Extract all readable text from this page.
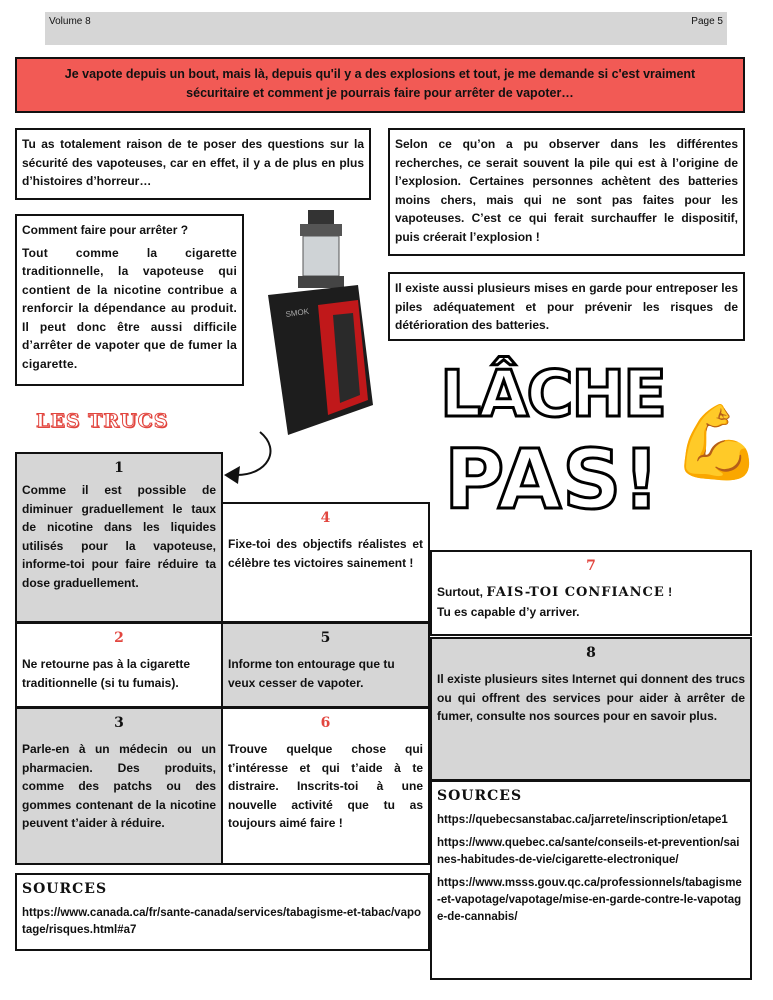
Volume 8	Page 5
Je vapote depuis un bout, mais là, depuis qu'il y a des explosions et tout, je me demande si c'est vraiment sécuritaire et comment je pourrais faire pour arrêter de vapoter…
Tu as totalement raison de te poser des questions sur la sécurité des vapoteuses, car en effet, il y a de plus en plus d’histoires d’horreur…
Selon ce qu’on a pu observer dans les différentes recherches, ce serait souvent la pile qui est à l’origine de l’explosion. Certaines personnes achètent des batteries moins chers, mais qui ne sont pas faites pour les vapoteuses. C’est ce qui ferait surchauffer le dispositif, puis créerait l’explosion !
Il existe aussi plusieurs mises en garde pour entreposer les piles adéquatement et pour prévenir les risques de détérioration des batteries.
Comment faire pour arrêter ?
Tout comme la cigarette traditionnelle, la vapoteuse qui contient de la nicotine contribue a renforcir la dépendance au produit. Il peut donc être aussi difficile d’arrêter de vapoter que de fumer la cigarette.
SMOK
LÂCHE
PAS! 💪
LES TRUCS
1
Comme il est possible de diminuer graduellement le taux de nicotine dans les liquides utilisés pour la vapoteuse, informe-toi pour faire réduire ta dose graduellement.
4
Fixe-toi des objectifs réalistes et célèbre tes victoires sainement !
2
Ne retourne pas à la cigarette traditionnelle (si tu fumais).
5
Informe ton entourage que tu veux cesser de vapoter.
3
Parle-en à un médecin ou un pharmacien. Des produits, comme des patchs ou des gommes contenant de la nicotine peuvent t’aider à réduire.
6
Trouve quelque chose qui t’intéresse et qui t’aide à te distraire. Inscrits-toi à une nouvelle activité que tu as toujours aimé faire !
7
Surtout, FAIS-TOI CONFIANCE !
Tu es capable d’y arriver.
8
Il existe plusieurs sites Internet qui donnent des trucs ou qui offrent des services pour aider à arrêter de fumer, consulte nos sources pour en savoir plus.
SOURCES
https://www.canada.ca/fr/sante-canada/services/tabagisme-et-tabac/vapotage/risques.html#a7
SOURCES
https://quebecsanstabac.ca/jarrete/inscription/etape1
https://www.quebec.ca/sante/conseils-et-prevention/saines-habitudes-de-vie/cigarette-electronique/
https://www.msss.gouv.qc.ca/professionnels/tabagisme-et-vapotage/vapotage/mise-en-garde-contre-le-vapotage-de-cannabis/
